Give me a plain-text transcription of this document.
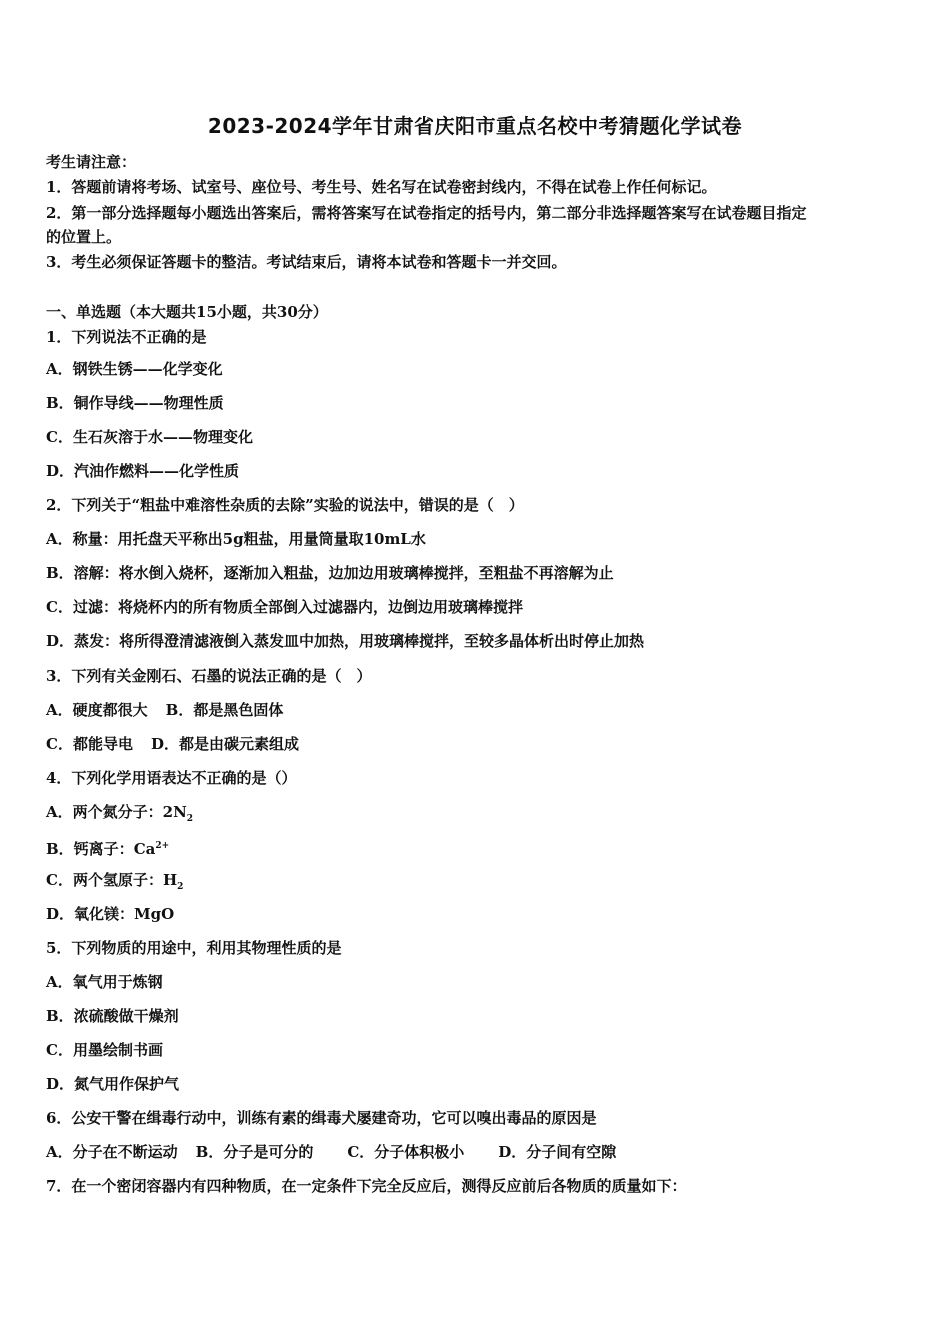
2023-2024学年甘肃省庆阳市重点名校中考猜题化学试卷
考生请注意：
1．答题前请将考场、试室号、座位号、考生号、姓名写在试卷密封线内，不得在试卷上作任何标记。
2．第一部分选择题每小题选出答案后，需将答案写在试卷指定的括号内，第二部分非选择题答案写在试卷题目指定
的位置上。
3．考生必须保证答题卡的整洁。考试结束后，请将本试卷和答题卡一并交回。
一、单选题（本大题共15小题，共30分）
1．下列说法不正确的是
A．钢铁生锈——化学变化
B．铜作导线——物理性质
C．生石灰溶于水——物理变化
D．汽油作燃料——化学性质
2．下列关于“粗盐中难溶性杂质的去除”实验的说法中，错误的是（　）
A．称量：用托盘天平称出5g粗盐，用量筒量取10mL水
B．溶解：将水倒入烧杯，逐渐加入粗盐，边加边用玻璃棒搅拌，至粗盐不再溶解为止
C．过滤：将烧杯内的所有物质全部倒入过滤器内，边倒边用玻璃棒搅拌
D．蒸发：将所得澄清滤液倒入蒸发皿中加热，用玻璃棒搅拌，至较多晶体析出时停止加热
3．下列有关金刚石、石墨的说法正确的是（　）
A．硬度都很大 B．都是黑色固体
C．都能导电 D．都是由碳元素组成
4．下列化学用语表达不正确的是（）
A．两个氮分子：$2N_2$
B．钙离子：$Ca^{2+}$
C．两个氢原子：$H_2$
D．氧化镁：MgO
5．下列物质的用途中，利用其物理性质的是
A．氧气用于炼钢
B．浓硫酸做干燥剂
C．用墨绘制书画
D．氮气用作保护气
6．公安干警在缉毒行动中，训练有素的缉毒犬屡建奇功，它可以嗅出毒品的原因是
A．分子在不断运动 B．分子是可分的 C．分子体积极小 D．分子间有空隙
7．在一个密闭容器内有四种物质，在一定条件下完全反应后，测得反应前后各物质的质量如下：
